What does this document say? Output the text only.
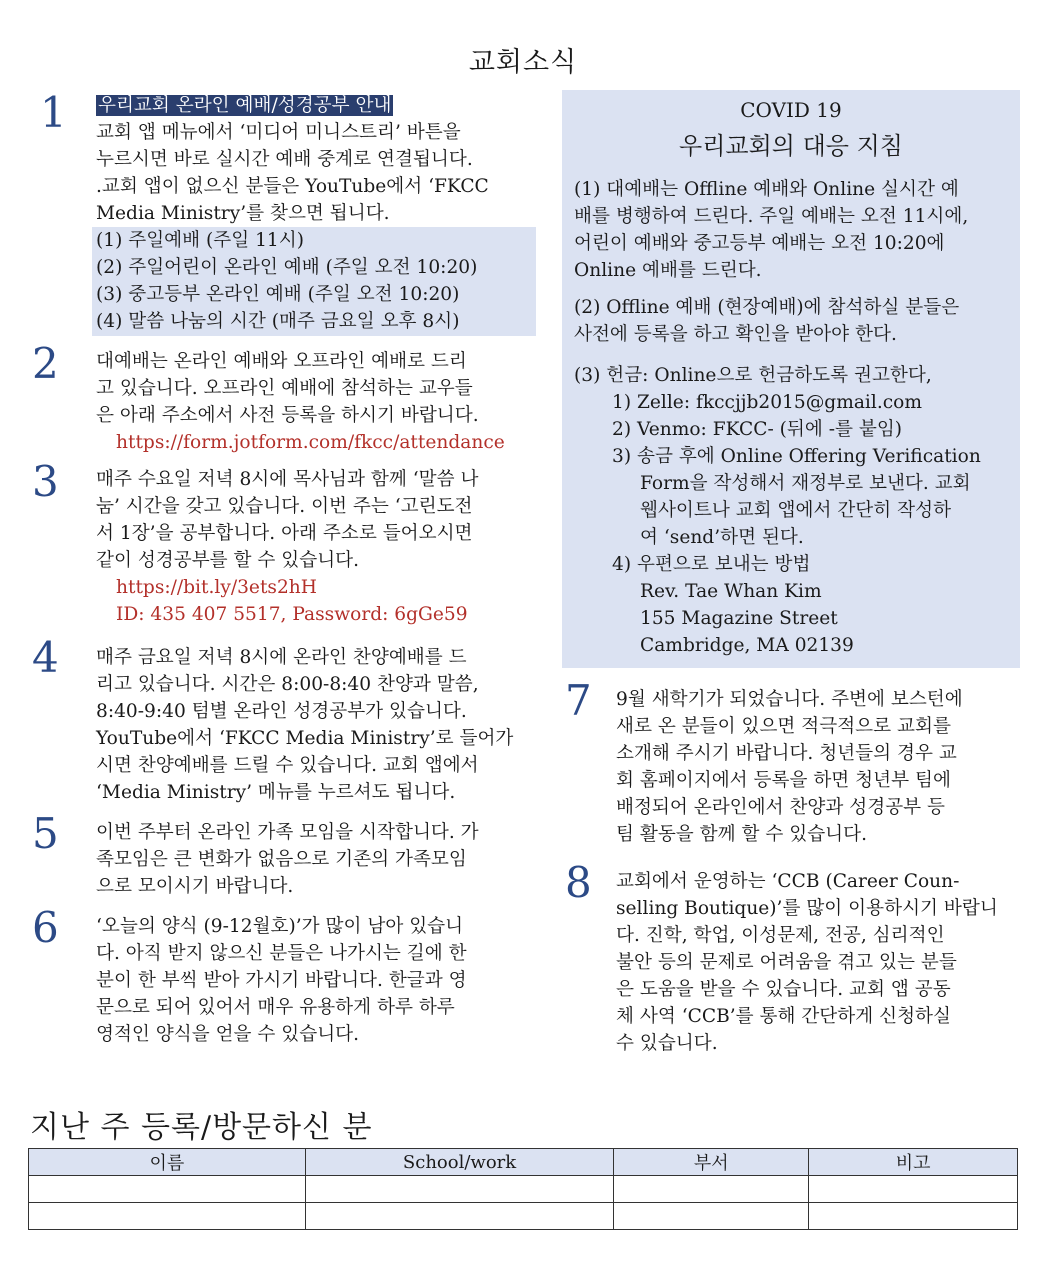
교회소식
1 우리교회 온라인 예배/성경공부 안내
교회 앱 메뉴에서 ‘미디어 미니스트리’ 바튼을
누르시면 바로 실시간 예배 중계로 연결됩니다.
.교회 앱이 없으신 분들은 YouTube에서 ‘FKCC
Media Ministry’를 찾으면 됩니다.
(1) 주일예배 (주일 11시)
(2) 주일어린이 온라인 예배 (주일 오전 10:20)
(3) 중고등부 온라인 예배 (주일 오전 10:20)
(4) 말씀 나눔의 시간 (매주 금요일 오후 8시)
2 대예배는 온라인 예배와 오프라인 예배로 드리
고 있습니다. 오프라인 예배에 참석하는 교우들
은 아래 주소에서 사전 등록을 하시기 바랍니다.
https://form.jotform.com/fkcc/attendance
3 매주 수요일 저녁 8시에 목사님과 함께 ‘말씀 나
눔’ 시간을 갖고 있습니다. 이번 주는 ‘고린도전
서 1장’을 공부합니다. 아래 주소로 들어오시면
같이 성경공부를 할 수 있습니다.
https://bit.ly/3ets2hH
ID: 435 407 5517, Password: 6gGe59
4 매주 금요일 저녁 8시에 온라인 찬양예배를 드
리고 있습니다. 시간은 8:00-8:40 찬양과 말씀,
8:40-9:40 텀별 온라인 성경공부가 있습니다.
YouTube에서 ‘FKCC Media Ministry’로 들어가
시면 찬양예배를 드릴 수 있습니다. 교회 앱에서
‘Media Ministry’ 메뉴를 누르셔도 됩니다.
5 이번 주부터 온라인 가족 모임을 시작합니다. 가
족모임은 큰 변화가 없음으로 기존의 가족모임
으로 모이시기 바랍니다.
6 ‘오늘의 양식 (9-12월호)’가 많이 남아 있습니
다. 아직 받지 않으신 분들은 나가시는 길에 한
분이 한 부씩 받아 가시기 바랍니다. 한글과 영
문으로 되어 있어서 매우 유용하게 하루 하루
영적인 양식을 얻을 수 있습니다.
COVID 19
우리교회의 대응 지침
(1) 대예배는 Offline 예배와 Online 실시간 예
배를 병행하여 드린다. 주일 예배는 오전 11시에,
어린이 예배와 중고등부 예배는 오전 10:20에
Online 예배를 드린다.
(2) Offline 예배 (현장예배)에 참석하실 분들은
사전에 등록을 하고 확인을 받아야 한다.
(3) 헌금: Online으로 헌금하도록 권고한다,
1) Zelle: fkccjjb2015@gmail.com
2) Venmo: FKCC- (뒤에 -를 붙임)
3) 송금 후에 Online Offering Verification
Form을 작성해서 재정부로 보낸다. 교회
웹사이트나 교회 앱에서 간단히 작성하
여 ‘send’하면 된다.
4) 우편으로 보내는 방법
Rev. Tae Whan Kim
155 Magazine Street
Cambridge, MA 02139
7 9월 새학기가 되었습니다. 주변에 보스턴에
새로 온 분들이 있으면 적극적으로 교회를
소개해 주시기 바랍니다. 청년들의 경우 교
회 홈페이지에서 등록을 하면 청년부 팀에
배정되어 온라인에서 찬양과 성경공부 등
팀 활동을 함께 할 수 있습니다.
8 교회에서 운영하는 ‘CCB (Career Coun-
selling Boutique)’를 많이 이용하시기 바랍니
다. 진학, 학업, 이성문제, 전공, 심리적인
불안 등의 문제로 어려움을 겪고 있는 분들
은 도움을 받을 수 있습니다. 교회 앱 공동
체 사역 ‘CCB’를 통해 간단하게 신청하실
수 있습니다.
지난 주 등록/방문하신 분
이름	School/work	부서	비고
